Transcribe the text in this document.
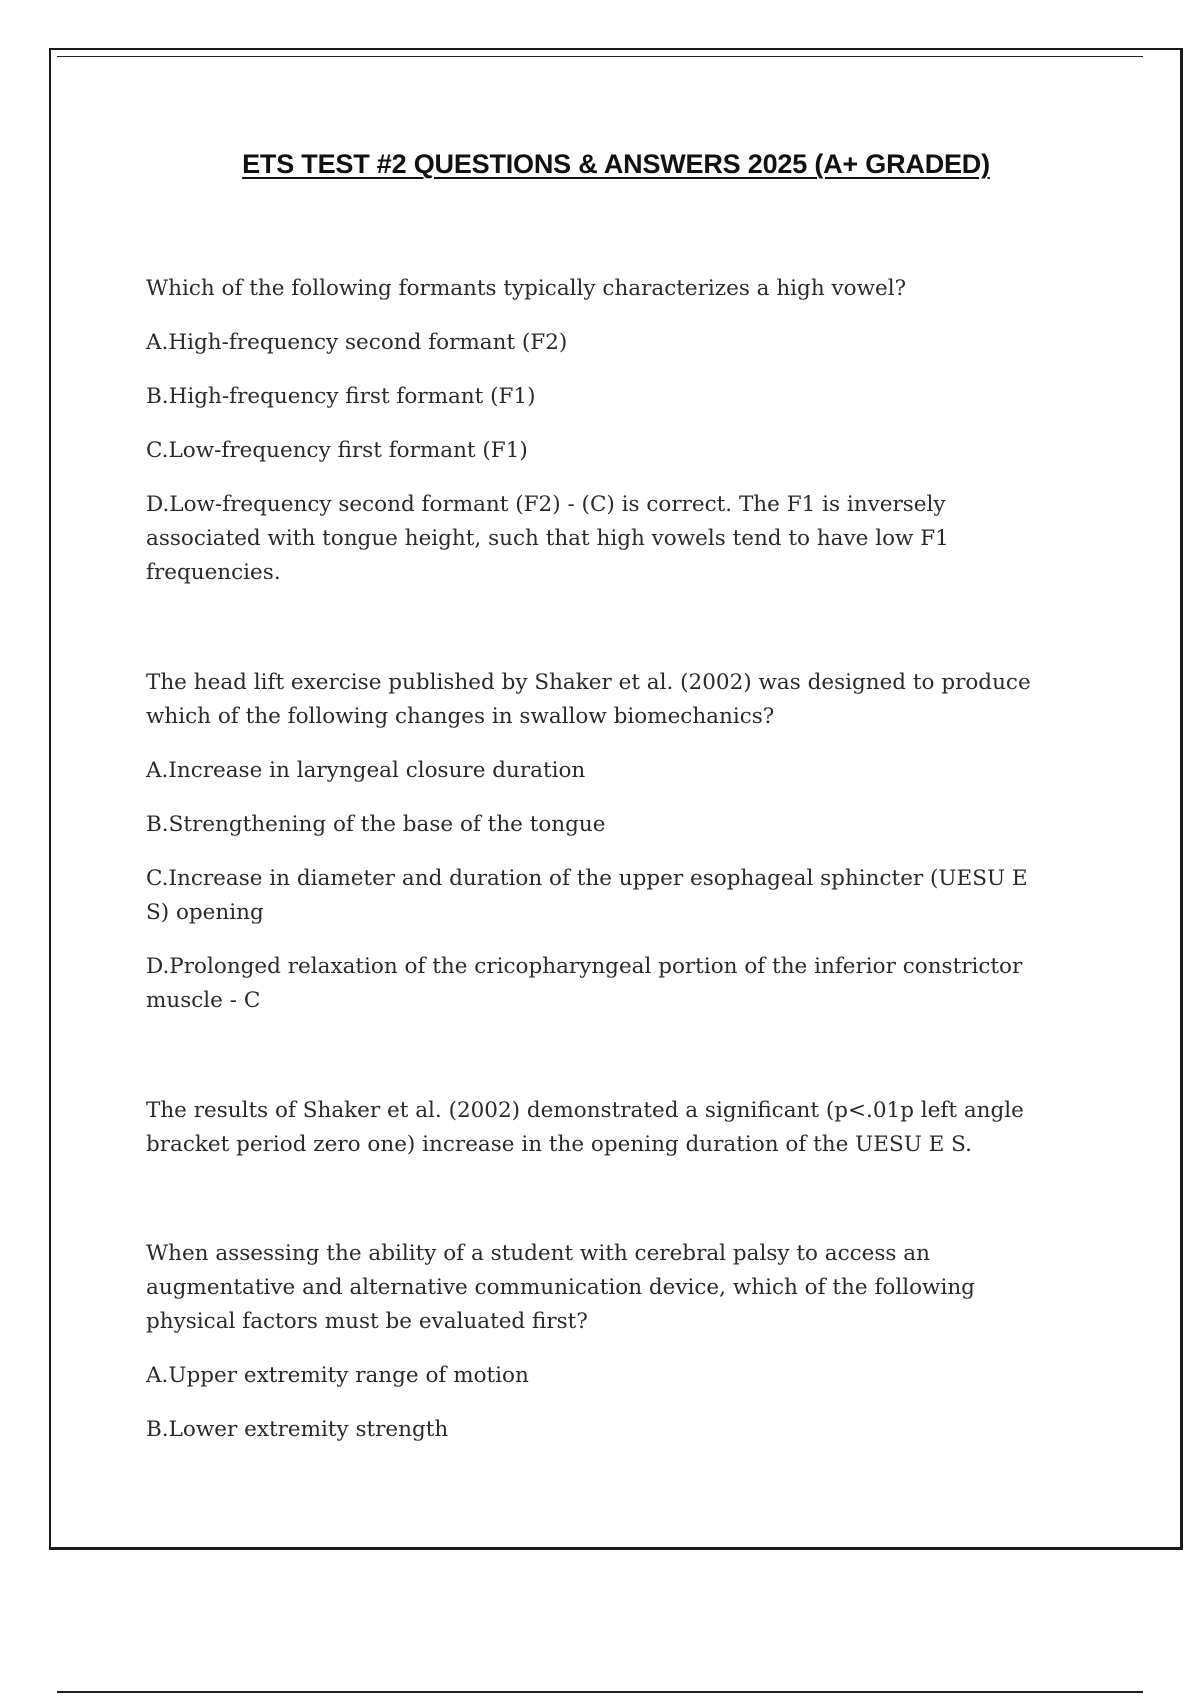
ETS TEST #2 QUESTIONS & ANSWERS 2025 (A+ GRADED)

Which of the following formants typically characterizes a high vowel?

A.High-frequency second formant (F2)

B.High-frequency first formant (F1)

C.Low-frequency first formant (F1)

D.Low-frequency second formant (F2) - (C) is correct. The F1 is inversely

associated with tongue height, such that high vowels tend to have low F1

frequencies.

The head lift exercise published by Shaker et al. (2002) was designed to produce

which of the following changes in swallow biomechanics?

A.Increase in laryngeal closure duration

B.Strengthening of the base of the tongue

C.Increase in diameter and duration of the upper esophageal sphincter (UESU E

S) opening

D.Prolonged relaxation of the cricopharyngeal portion of the inferior constrictor

muscle - C

The results of Shaker et al. (2002) demonstrated a significant (p<.01p left angle

bracket period zero one) increase in the opening duration of the UESU E S.

When assessing the ability of a student with cerebral palsy to access an

augmentative and alternative communication device, which of the following

physical factors must be evaluated first?

A.Upper extremity range of motion

B.Lower extremity strength
